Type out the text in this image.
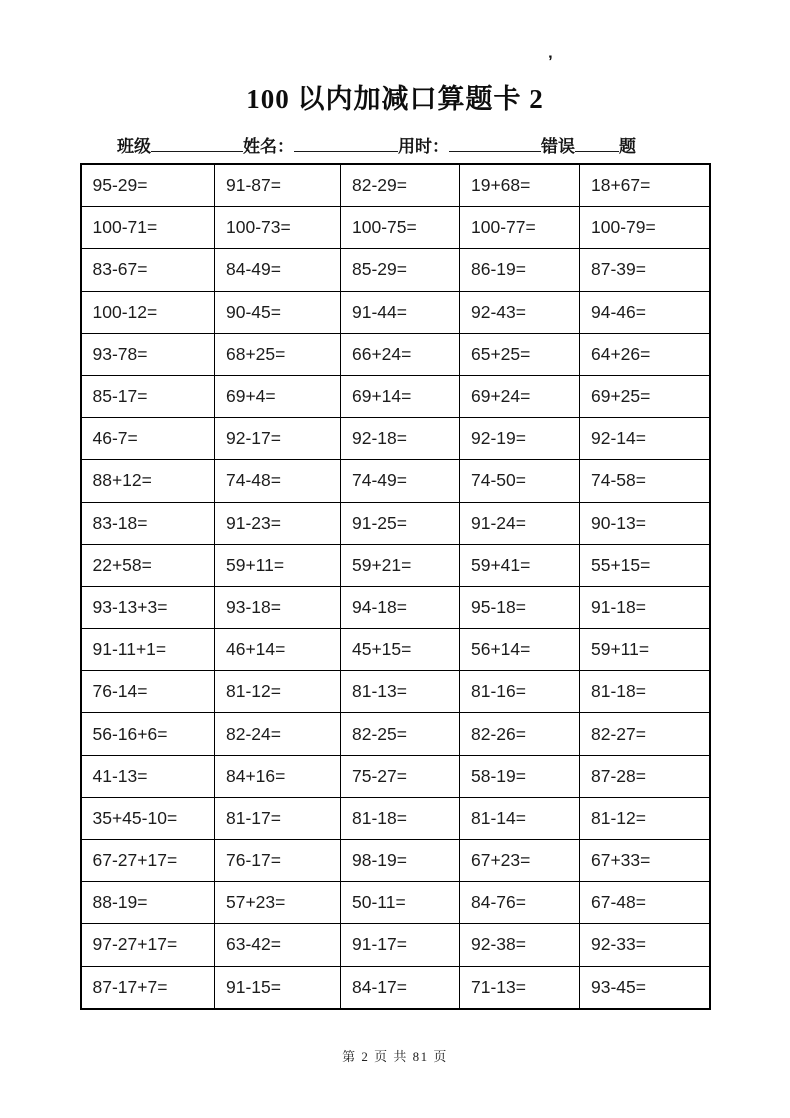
’
100 以内加减口算题卡 2
班级	姓名：	用时：	错误	题
95-29=	91-87=	82-29=	19+68=	18+67=
100-71=	100-73=	100-75=	100-77=	100-79=
83-67=	84-49=	85-29=	86-19=	87-39=
100-12=	90-45=	91-44=	92-43=	94-46=
93-78=	68+25=	66+24=	65+25=	64+26=
85-17=	69+4=	69+14=	69+24=	69+25=
46-7=	92-17=	92-18=	92-19=	92-14=
88+12=	74-48=	74-49=	74-50=	74-58=
83-18=	91-23=	91-25=	91-24=	90-13=
22+58=	59+11=	59+21=	59+41=	55+15=
93-13+3=	93-18=	94-18=	95-18=	91-18=
91-11+1=	46+14=	45+15=	56+14=	59+11=
76-14=	81-12=	81-13=	81-16=	81-18=
56-16+6=	82-24=	82-25=	82-26=	82-27=
41-13=	84+16=	75-27=	58-19=	87-28=
35+45-10=	81-17=	81-18=	81-14=	81-12=
67-27+17=	76-17=	98-19=	67+23=	67+33=
88-19=	57+23=	50-11=	84-76=	67-48=
97-27+17=	63-42=	91-17=	92-38=	92-33=
87-17+7=	91-15=	84-17=	71-13=	93-45=
第 2 页 共 81 页
